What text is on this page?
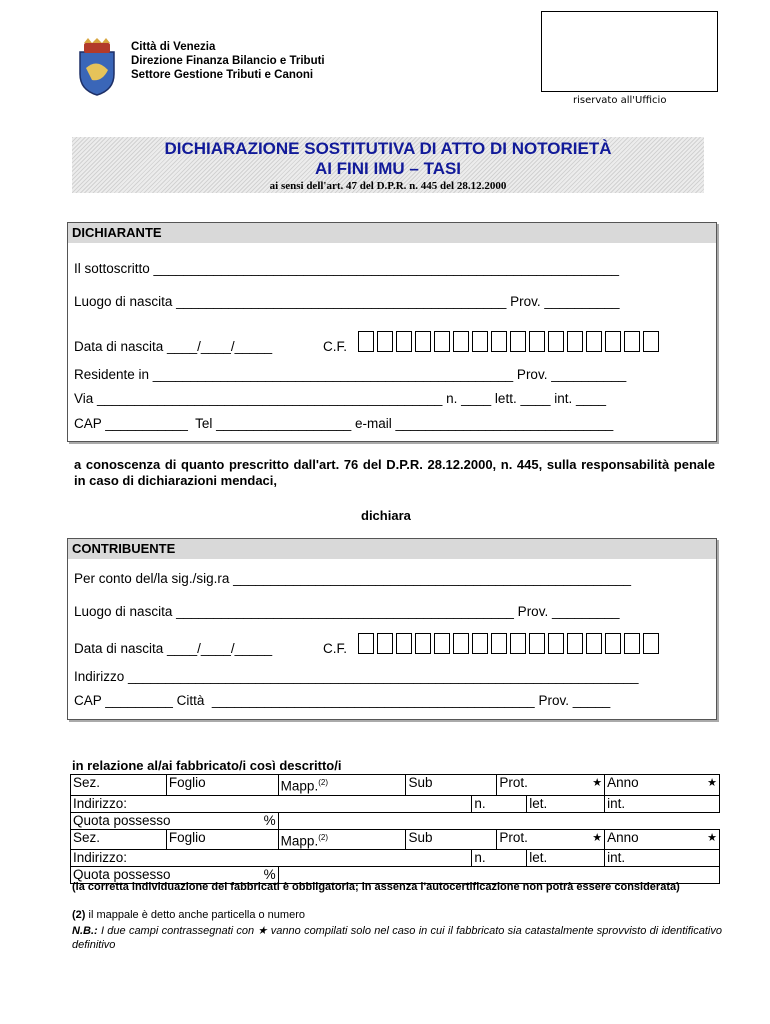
Città di Venezia
Direzione Finanza Bilancio e Tributi
Settore Gestione Tributi e Canoni
riservato all'Ufficio
DICHIARAZIONE SOSTITUTIVA DI ATTO DI NOTORIETÀ
AI FINI IMU – TASI
ai sensi dell'art. 47 del D.P.R. n. 445 del 28.12.2000
DICHIARANTE
Il sottoscritto ______________________________________________________________
Luogo di nascita ____________________________________________ Prov. __________
Data di nascita ____/____/_____	C.F.
Residente in ________________________________________________ Prov. __________
Via ______________________________________________ n. ____ lett. ____ int. ____
CAP ___________  Tel __________________ e-mail _____________________________
a conoscenza di quanto prescritto dall'art. 76 del D.P.R. 28.12.2000, n. 445, sulla responsabilità penale in caso di dichiarazioni mendaci,
dichiara
CONTRIBUENTE
Per conto del/la sig./sig.ra _____________________________________________________
Luogo di nascita _____________________________________________ Prov. _________
Data di nascita ____/____/_____	C.F.
Indirizzo ____________________________________________________________________
CAP _________ Città  ___________________________________________ Prov. _____
in relazione al/ai fabbricato/i così descritto/i
Sez.	Foglio	Mapp.$^{(2)}$	Sub		Prot. ★		Anno ★

Indirizzo:				n.		let.	int.
Quota possesso %							

Sez.	Foglio	Mapp.$^{(2)}$	Sub		Prot. ★		Anno ★

Indirizzo:				n.		let.	int.
Quota possesso %							

(la corretta individuazione dei fabbricati è obbligatoria; in assenza l'autocertificazione non potrà essere considerata)
(2) il mappale è detto anche particella o numero
N.B.: I due campi contrassegnati con ★ vanno compilati solo nel caso in cui il fabbricato sia catastalmente sprovvisto di identificativo definitivo
